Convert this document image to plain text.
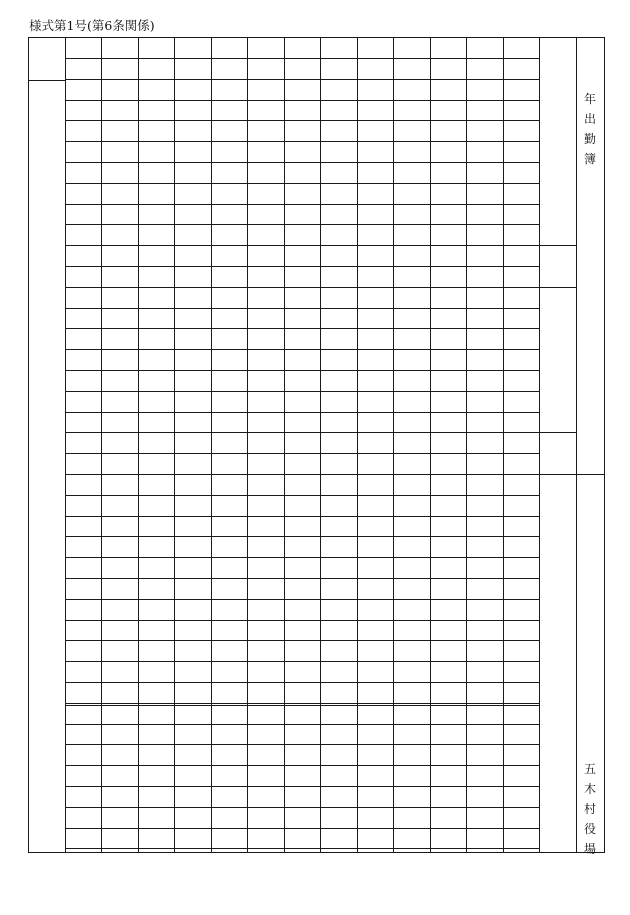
様式第1号(第6条関係)
年
出
勤
簿
五
木
村
役
場
